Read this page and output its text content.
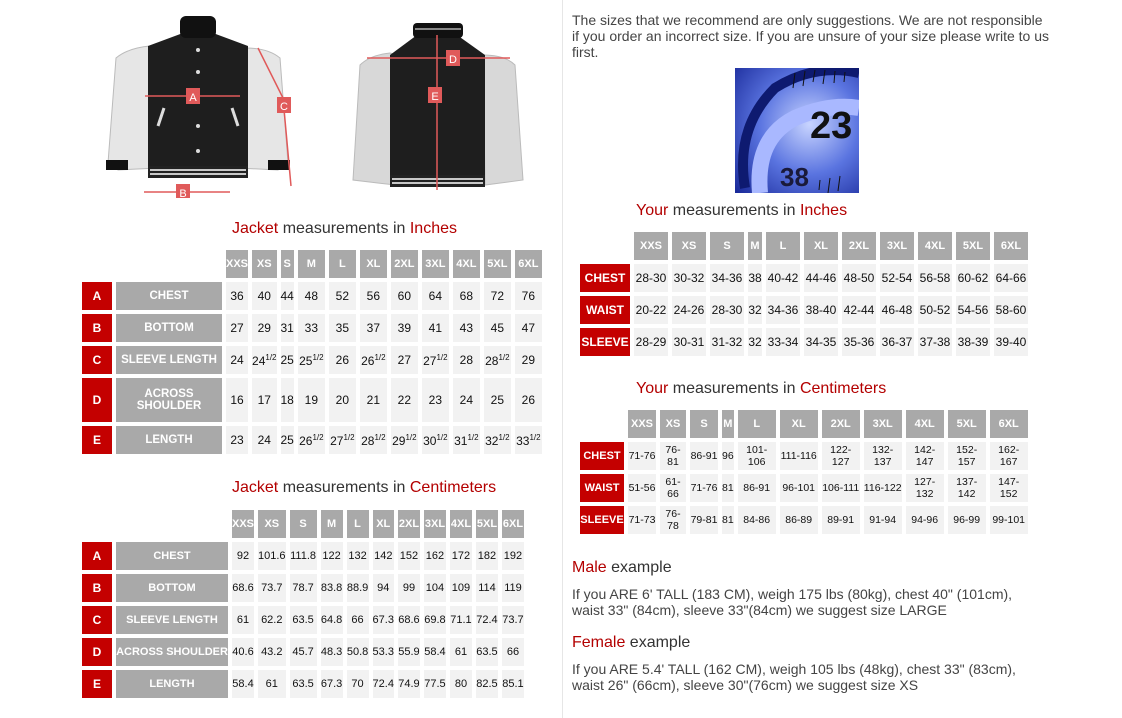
A
B
C
D
E
The sizes that we recommend are only suggestions. We are not responsible if you order an incorrect size. If you are unsure of your size please write to us first.
23
38
Jacket measurements in Inches
		XXS	XS	S	M	L	XL	2XL	3XL	4XL	5XL	6XL
A	CHEST	36	40	44	48	52	56	60	64	68	72	76
B	BOTTOM	27	29	31	33	35	37	39	41	43	45	47
C	SLEEVE LENGTH	24	$24^{1/2}$	25	$25^{1/2}$	26	$26^{1/2}$	27	$27^{1/2}$	28	$28^{1/2}$	29
D	ACROSS SHOULDER	16	17	18	19	20	21	22	23	24	25	26
E	LENGTH	23	24	25	$26^{1/2}$	$27^{1/2}$	$28^{1/2}$	$29^{1/2}$	$30^{1/2}$	$31^{1/2}$	$32^{1/2}$	$33^{1/2}$
Jacket measurements in Centimeters
		XXS	XS	S	M	L	XL	2XL	3XL	4XL	5XL	6XL
A	CHEST	92	101.6	111.8	122	132	142	152	162	172	182	192
B	BOTTOM	68.6	73.7	78.7	83.8	88.9	94	99	104	109	114	119
C	SLEEVE LENGTH	61	62.2	63.5	64.8	66	67.3	68.6	69.8	71.1	72.4	73.7
D	ACROSS SHOULDER	40.6	43.2	45.7	48.3	50.8	53.3	55.9	58.4	61	63.5	66
E	LENGTH	58.4	61	63.5	67.3	70	72.4	74.9	77.5	80	82.5	85.1
Your measurements in Inches
	XXS	XS	S	M	L	XL	2XL	3XL	4XL	5XL	6XL
CHEST	28-30	30-32	34-36	38	40-42	44-46	48-50	52-54	56-58	60-62	64-66
WAIST	20-22	24-26	28-30	32	34-36	38-40	42-44	46-48	50-52	54-56	58-60
SLEEVE	28-29	30-31	31-32	32	33-34	34-35	35-36	36-37	37-38	38-39	39-40
Your measurements in Centimeters
	XXS	XS	S	M	L	XL	2XL	3XL	4XL	5XL	6XL
CHEST	71-76	76-81	86-91	96	101-106	111-116	122-127	132-137	142-147	152-157	162-167
WAIST	51-56	61-66	71-76	81	86-91	96-101	106-111	116-122	127-132	137-142	147-152
SLEEVE	71-73	76-78	79-81	81	84-86	86-89	89-91	91-94	94-96	96-99	99-101
Male example
If you ARE 6' TALL (183 CM), weigh 175 lbs (80kg), chest 40" (101cm), waist 33" (84cm), sleeve 33"(84cm) we suggest size LARGE
Female example
If you ARE 5.4' TALL (162 CM), weigh 105 lbs (48kg), chest 33" (83cm), waist 26" (66cm), sleeve 30"(76cm) we suggest size XS
